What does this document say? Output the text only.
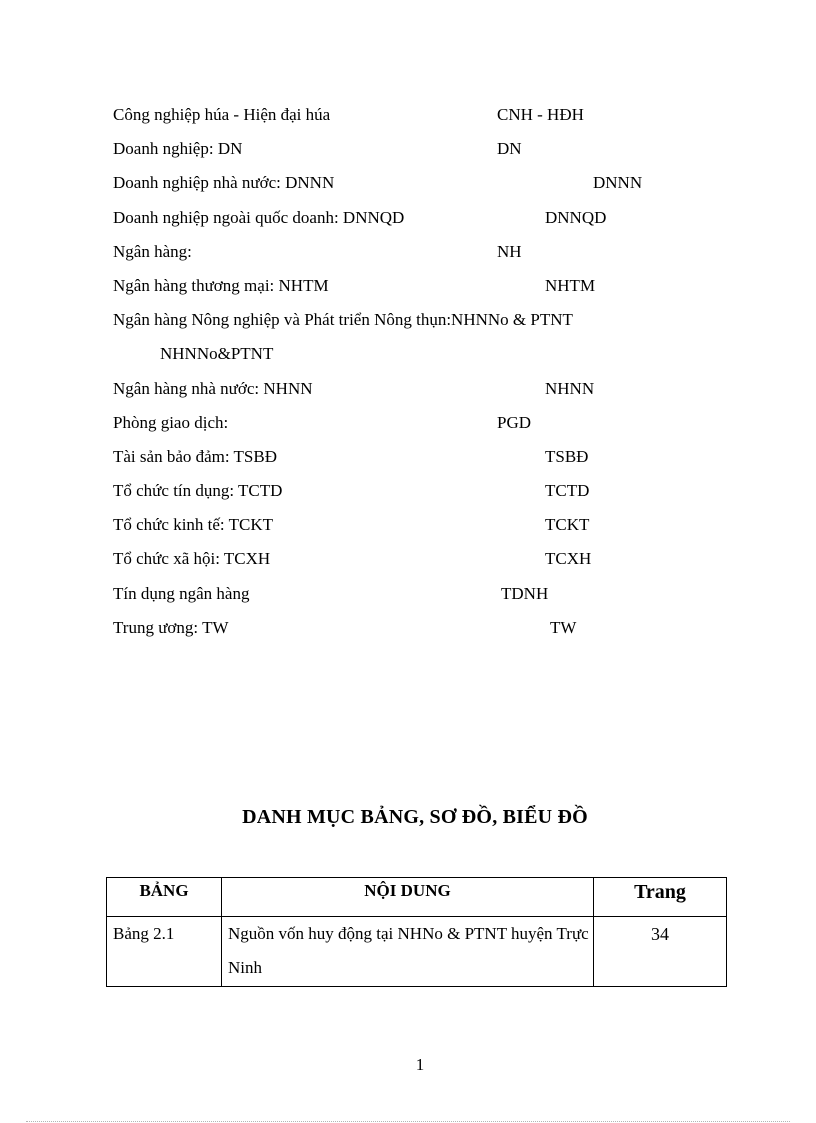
Công nghiệp húa - Hiện đại húa	CNH - HĐH
Doanh nghiệp: DN	DN
Doanh nghiệp nhà nước: DNNN	DNNN
Doanh nghiệp ngoài quốc doanh: DNNQD	DNNQD
Ngân hàng:	NH
Ngân hàng thương mại: NHTM	NHTM
Ngân hàng Nông nghiệp và Phát triển Nông thụn:NHNNo & PTNT
NHNNo&PTNT
Ngân hàng nhà nước: NHNN	NHNN
Phòng giao dịch:	PGD
Tài sản bảo đảm: TSBĐ	TSBĐ
Tổ chức tín dụng: TCTD	TCTD
Tổ chức kinh tế: TCKT	TCKT
Tổ chức xã hội: TCXH	TCXH
Tín dụng ngân hàng	TDNH
Trung ương: TW	TW
DANH MỤC BẢNG, SƠ ĐỒ, BIỂU ĐỒ
BẢNG	NỘI DUNG	Trang
Bảng 2.1	Nguồn vốn huy động tại NHNo & PTNT huyện Trực Ninh	34
1
